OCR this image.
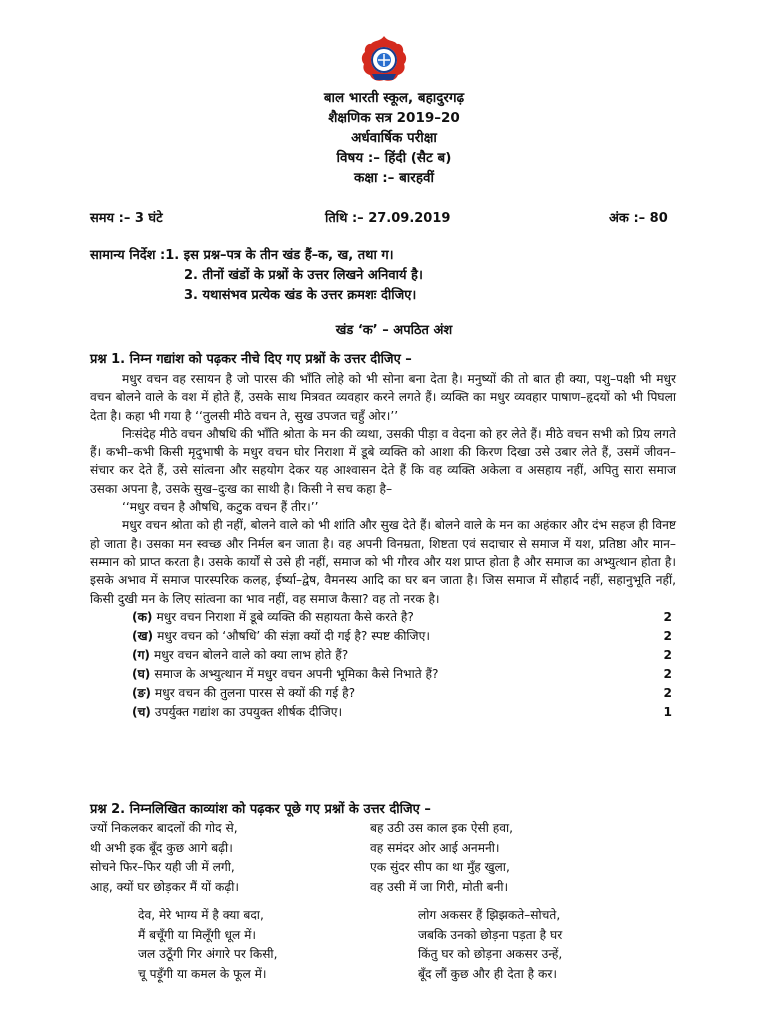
बाल भारती स्कूल, बहादुरगढ़
शैक्षणिक सत्र 2019–20
अर्धवार्षिक परीक्षा
विषय :– हिंदी (सैट ब)
कक्षा :– बारहवीं
समय :– 3 घंटे	तिथि :– 27.09.2019	अंक :– 80
सामान्य निर्देश :1. इस प्रश्न–पत्र के तीन खंड हैं–क, ख, तथा ग।
2. तीनों खंडों के प्रश्नों के उत्तर लिखने अनिवार्य है।
3. यथासंभव प्रत्येक खंड के उत्तर क्रमशः दीजिए।
खंड ‘क’ – अपठित अंश
प्रश्न 1. निम्न गद्यांश को पढ़कर नीचे दिए गए प्रश्नों के उत्तर दीजिए –

मधुर वचन वह रसायन है जो पारस की भाँति लोहे को भी सोना बना देता है। मनुष्यों की तो बात ही क्या, पशु–पक्षी भी मधुर वचन बोलने वाले के वश में होते हैं, उसके साथ मित्रवत व्यवहार करने लगते हैं। व्यक्ति का मधुर व्यवहार पाषाण–हृदयों को भी पिघला देता है। कहा भी गया है ‘‘तुलसी मीठे वचन ते, सुख उपजत चहुँ ओर।’’

निःसंदेह मीठे वचन औषधि की भाँति श्रोता के मन की व्यथा, उसकी पीड़ा व वेदना को हर लेते हैं। मीठे वचन सभी को प्रिय लगते हैं। कभी–कभी किसी मृदुभाषी के मधुर वचन घोर निराशा में डूबे व्यक्ति को आशा की किरण दिखा उसे उबार लेते हैं, उसमें जीवन–संचार कर देते हैं, उसे सांत्वना और सहयोग देकर यह आश्वासन देते हैं कि वह व्यक्ति अकेला व असहाय नहीं, अपितु सारा समाज उसका अपना है, उसके सुख–दुःख का साथी है। किसी ने सच कहा है–

‘‘मधुर वचन है औषधि, कटुक वचन हैं तीर।’’

मधुर वचन श्रोता को ही नहीं, बोलने वाले को भी शांति और सुख देते हैं। बोलने वाले के मन का अहंकार और दंभ सहज ही विनष्ट हो जाता है। उसका मन स्वच्छ और निर्मल बन जाता है। वह अपनी विनम्रता, शिष्टता एवं सदाचार से समाज में यश, प्रतिष्ठा और मान–सम्मान को प्राप्त करता है। उसके कार्यों से उसे ही नहीं, समाज को भी गौरव और यश प्राप्त होता है और समाज का अभ्युत्थान होता है। इसके अभाव में समाज पारस्परिक कलह, ईर्ष्या–द्वेष, वैमनस्य आदि का घर बन जाता है। जिस समाज में सौहार्द नहीं, सहानुभूति नहीं, किसी दुखी मन के लिए सांत्वना का भाव नहीं, वह समाज कैसा? वह तो नरक है।

(क) मधुर वचन निराशा में डूबे व्यक्ति की सहायता कैसे करते है?	2
(ख) मधुर वचन को ‘औषधि’ की संज्ञा क्यों दी गई है? स्पष्ट कीजिए।	2
(ग) मधुर वचन बोलने वाले को क्या लाभ होते हैं?	2
(घ) समाज के अभ्युत्थान में मधुर वचन अपनी भूमिका कैसे निभाते हैं?	2
(ङ) मधुर वचन की तुलना पारस से क्यों की गई है?	2
(च) उपर्युक्त गद्यांश का उपयुक्त शीर्षक दीजिए।	1
प्रश्न 2. निम्नलिखित काव्यांश को पढ़कर पूछे गए प्रश्नों के उत्तर दीजिए –
ज्यों निकलकर बादलों की गोद से,
थी अभी इक बूँद कुछ आगे बढ़ी।
सोचने फिर–फिर यही जी में लगी,
आह, क्यों घर छोड़कर मैं यों कढ़ी।
बह उठी उस काल इक ऐसी हवा,
वह समंदर ओर आई अनमनी।
एक सुंदर सीप का था मुँह खुला,
वह उसी में जा गिरी, मोती बनी।
देव, मेरे भाग्य में है क्या बदा,
मैं बचूँगी या मिलूँगी धूल में।
जल उठूँगी गिर अंगारे पर किसी,
चू पड़ूँगी या कमल के फूल में।
लोग अकसर हैं झिझकते–सोचते,
जबकि उनको छोड़ना पड़ता है घर
किंतु घर को छोड़ना अकसर उन्हें,
बूँद लौं कुछ और ही देता है कर।
